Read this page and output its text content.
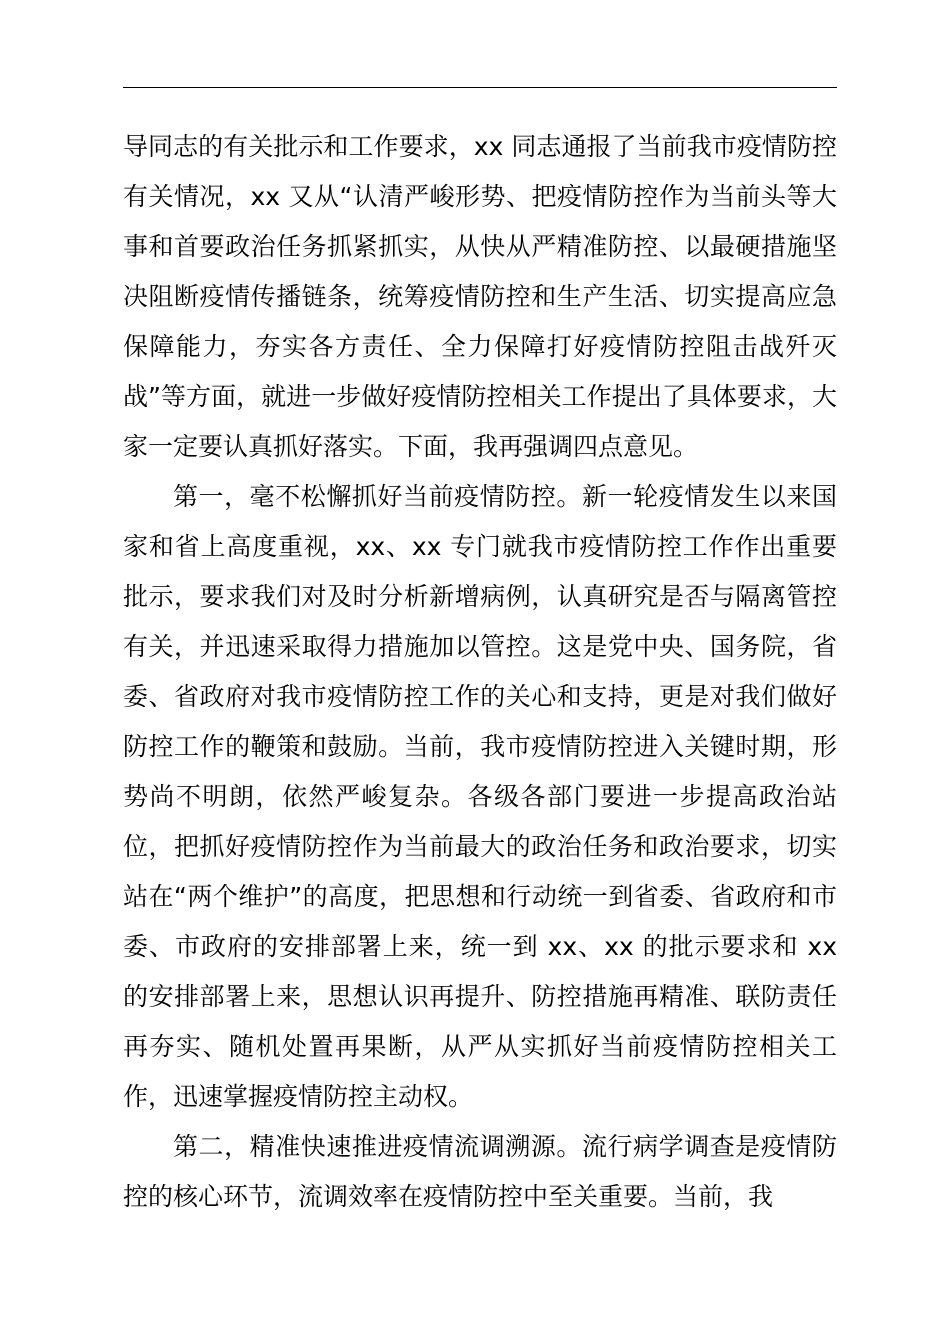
导同志的有关批示和工作要求，xx 同志通报了当前我市疫情防控有关情况，xx 又从“认清严峻形势、把疫情防控作为当前头等大事和首要政治任务抓紧抓实，从快从严精准防控、以最硬措施坚决阻断疫情传播链条，统筹疫情防控和生产生活、切实提高应急保障能力，夯实各方责任、全力保障打好疫情防控阻击战歼灭战”等方面，就进一步做好疫情防控相关工作提出了具体要求，大家一定要认真抓好落实。下面，我再强调四点意见。

第一，毫不松懈抓好当前疫情防控。新一轮疫情发生以来国家和省上高度重视，xx、xx 专门就我市疫情防控工作作出重要批示，要求我们对及时分析新增病例，认真研究是否与隔离管控有关，并迅速采取得力措施加以管控。这是党中央、国务院，省委、省政府对我市疫情防控工作的关心和支持，更是对我们做好防控工作的鞭策和鼓励。当前，我市疫情防控进入关键时期，形势尚不明朗，依然严峻复杂。各级各部门要进一步提高政治站位，把抓好疫情防控作为当前最大的政治任务和政治要求，切实站在“两个维护”的高度，把思想和行动统一到省委、省政府和市委、市政府的安排部署上来，统一到 xx、xx 的批示要求和 xx 的安排部署上来，思想认识再提升、防控措施再精准、联防责任再夯实、随机处置再果断，从严从实抓好当前疫情防控相关工作，迅速掌握疫情防控主动权。

第二，精准快速推进疫情流调溯源。流行病学调查是疫情防控的核心环节，流调效率在疫情防控中至关重要。当前，我
